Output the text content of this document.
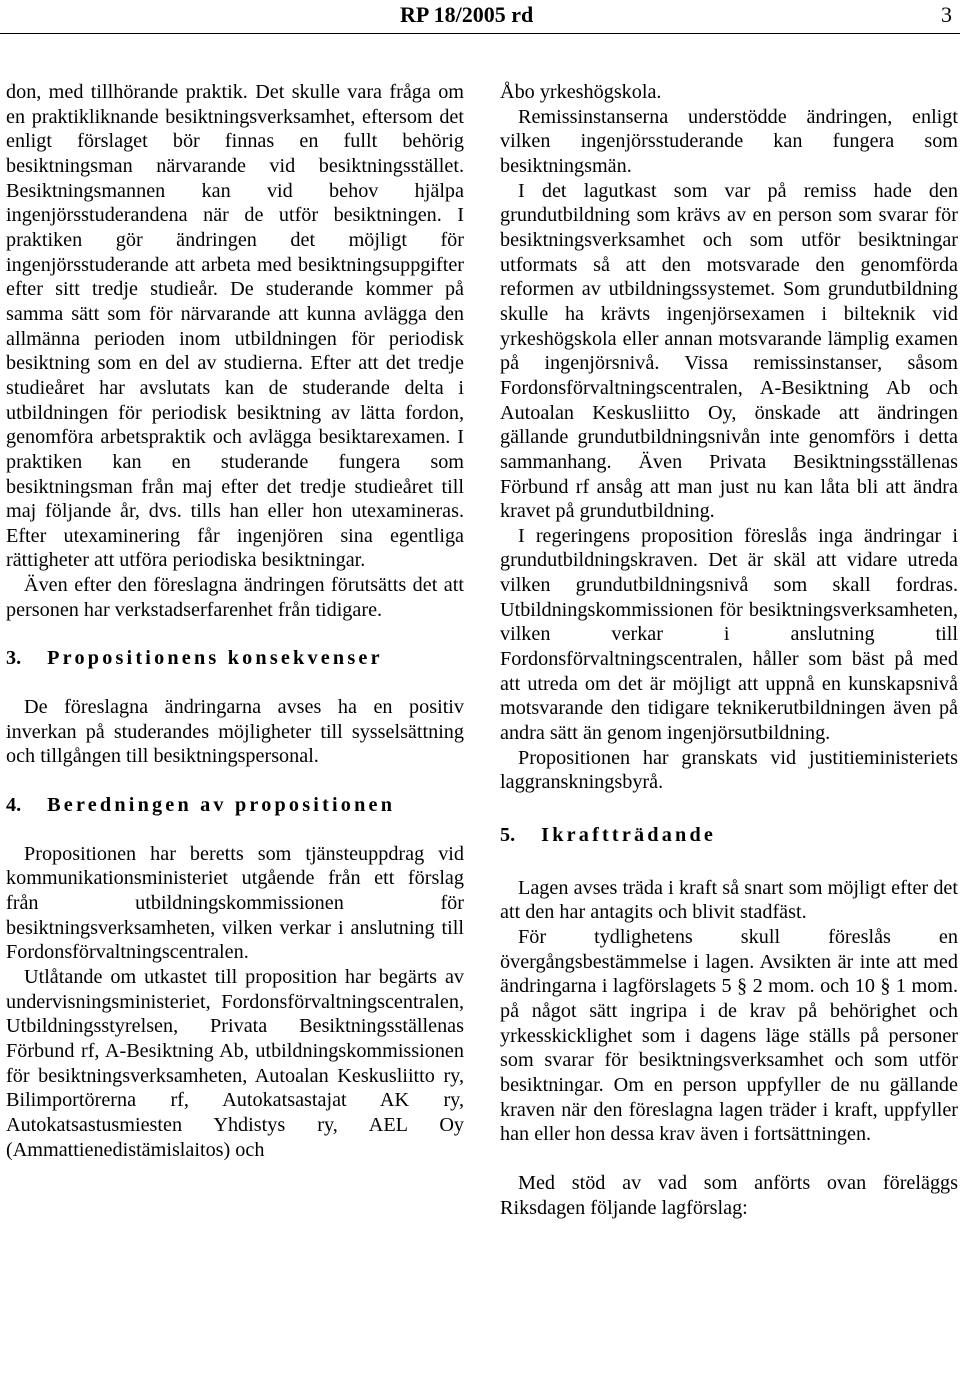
RP 18/2005 rd	3

don, med tillhörande praktik. Det skulle vara fråga om en praktikliknande besiktningsverksamhet, eftersom det enligt förslaget bör finnas en fullt behörig besiktningsman närvarande vid besiktningsstället. Besiktningsmannen kan vid behov hjälpa ingenjörsstuderandena när de utför besiktningen. I praktiken gör ändringen det möjligt för ingenjörsstuderande att arbeta med besiktningsuppgifter efter sitt tredje studieår. De studerande kommer på samma sätt som för närvarande att kunna avlägga den allmänna perioden inom utbildningen för periodisk besiktning som en del av studierna. Efter att det tredje studieåret har avslutats kan de studerande delta i utbildningen för periodisk besiktning av lätta fordon, genomföra arbetspraktik och avlägga besiktarexamen. I praktiken kan en studerande fungera som besiktningsman från maj efter det tredje studieåret till maj följande år, dvs. tills han eller hon utexamineras. Efter utexaminering får ingenjören sina egentliga rättigheter att utföra periodiska besiktningar.

Även efter den föreslagna ändringen förutsätts det att personen har verkstadserfarenhet från tidigare.

3. Propositionens konsekvenser

De föreslagna ändringarna avses ha en positiv inverkan på studerandes möjligheter till sysselsättning och tillgången till besiktningspersonal.

4. Beredningen av propositionen

Propositionen har beretts som tjänsteuppdrag vid kommunikationsministeriet utgående från ett förslag från utbildningskommissionen för besiktningsverksamheten, vilken verkar i anslutning till Fordonsförvaltningscentralen.

Utlåtande om utkastet till proposition har begärts av undervisningsministeriet, Fordonsförvaltningscentralen, Utbildningsstyrelsen, Privata Besiktningsställenas Förbund rf, A-Besiktning Ab, utbildningskommissionen för besiktningsverksamheten, Autoalan Keskusliitto ry, Bilimportörerna rf, Autokatsastajat AK ry, Autokatsastusmiesten Yhdistys ry, AEL Oy (Ammattienedistämislaitos) och

Åbo yrkeshögskola.

Remissinstanserna understödde ändringen, enligt vilken ingenjörsstuderande kan fungera som besiktningsmän.

I det lagutkast som var på remiss hade den grundutbildning som krävs av en person som svarar för besiktningsverksamhet och som utför besiktningar utformats så att den motsvarade den genomförda reformen av utbildningssystemet. Som grundutbildning skulle ha krävts ingenjörsexamen i bilteknik vid yrkeshögskola eller annan motsvarande lämplig examen på ingenjörsnivå. Vissa remissinstanser, såsom Fordonsförvaltningscentralen, A-Besiktning Ab och Autoalan Keskusliitto Oy, önskade att ändringen gällande grundutbildningsnivån inte genomförs i detta sammanhang. Även Privata Besiktningsställenas Förbund rf ansåg att man just nu kan låta bli att ändra kravet på grundutbildning.

I regeringens proposition föreslås inga ändringar i grundutbildningskraven. Det är skäl att vidare utreda vilken grundutbildningsnivå som skall fordras. Utbildningskommissionen för besiktningsverksamheten, vilken verkar i anslutning till Fordonsförvaltningscentralen, håller som bäst på med att utreda om det är möjligt att uppnå en kunskapsnivå motsvarande den tidigare teknikerutbildningen även på andra sätt än genom ingenjörsutbildning.

Propositionen har granskats vid justitieministeriets laggranskningsbyrå.

5. Ikraftträdande

Lagen avses träda i kraft så snart som möjligt efter det att den har antagits och blivit stadfäst.

För tydlighetens skull föreslås en övergångsbestämmelse i lagen. Avsikten är inte att med ändringarna i lagförslagets 5 § 2 mom. och 10 § 1 mom. på något sätt ingripa i de krav på behörighet och yrkesskicklighet som i dagens läge ställs på personer som svarar för besiktningsverksamhet och som utför besiktningar. Om en person uppfyller de nu gällande kraven när den föreslagna lagen träder i kraft, uppfyller han eller hon dessa krav även i fortsättningen.

Med stöd av vad som anförts ovan föreläggs Riksdagen följande lagförslag:
